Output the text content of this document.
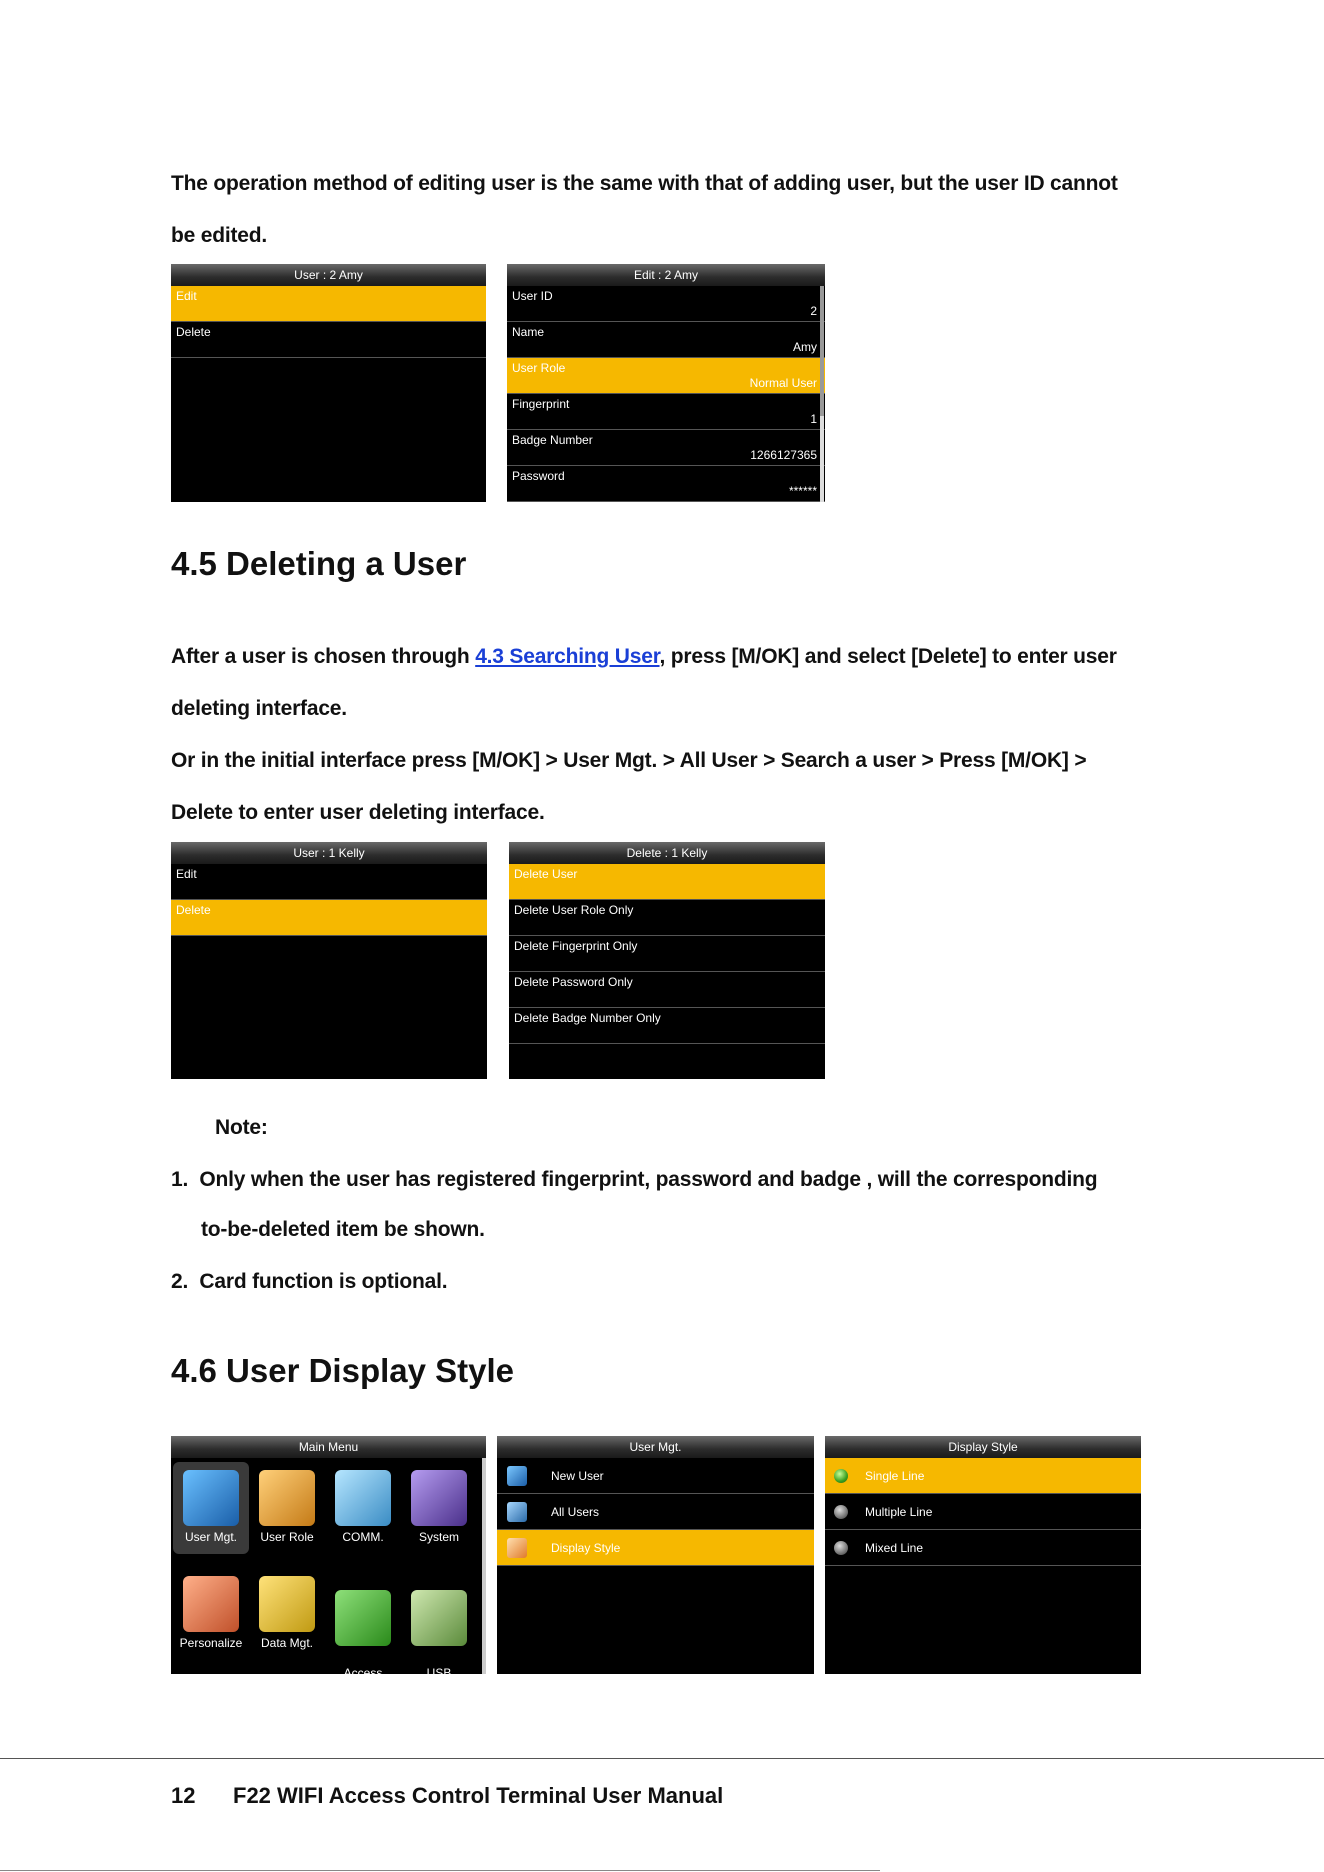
The operation method of editing user is the same with that of adding user, but the user ID cannot
be edited.
User : 2 Amy
Edit
Delete
Edit : 2 Amy
User ID
2
Name
Amy
User Role
Normal User
Fingerprint
1
Badge Number
1266127365
Password
******
4.5 Deleting a User
After a user is chosen through 4.3 Searching User, press [M/OK] and select [Delete] to enter user
deleting interface.
Or in the initial interface press [M/OK] > User Mgt. > All User > Search a user > Press [M/OK] >
Delete to enter user deleting interface.
User : 1 Kelly
Edit
Delete
Delete : 1 Kelly
Delete User
Delete User Role Only
Delete Fingerprint Only
Delete Password Only
Delete Badge Number Only
Note:
1. Only when the user has registered fingerprint, password and badge , will the corresponding
to-be-deleted item be shown.
2. Card function is optional.
4.6 User Display Style
Main Menu
User Mgt.	User Role	COMM.	System
Personalize	Data Mgt.

Access
Control

USB
Manager

User Mgt.
New User
All Users
Display Style
Display Style
Single Line
Multiple Line
Mixed Line
12 F22 WIFI Access Control Terminal User Manual
